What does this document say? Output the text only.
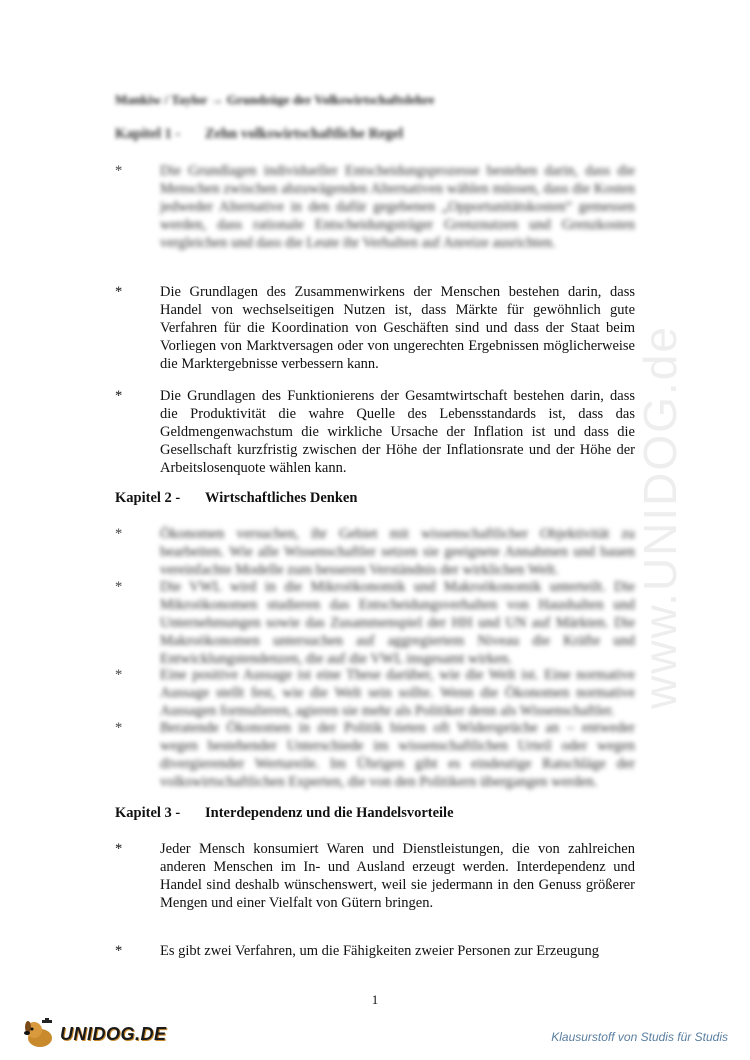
www.UNIDOG.de
Mankiw / Taylor → Grundzüge der Volkswirtschaftslehre
Kapitel 1 - Zehn volkswirtschaftliche Regel
*	Die Grundlagen individueller Entscheidungsprozesse bestehen darin, dass die Menschen zwischen abzuwägenden Alternativen wählen müssen, dass die Kosten jedweder Alternative in den dafür gegebenen „Opportunitätskosten“ gemessen werden, dass rationale Entscheidungsträger Grenznutzen und Grenzkosten vergleichen und dass die Leute ihr Verhalten auf Anreize ausrichten.
*	Die Grundlagen des Zusammenwirkens der Menschen bestehen darin, dass Handel von wechselseitigen Nutzen ist, dass Märkte für gewöhnlich gute Verfahren für die Koordination von Geschäften sind und dass der Staat beim Vorliegen von Marktversagen oder von ungerechten Ergebnissen möglicherweise die Marktergebnisse verbessern kann.
*	Die Grundlagen des Funktionierens der Gesamtwirtschaft bestehen darin, dass die Produktivität die wahre Quelle des Lebensstandards ist, dass das Geldmengenwachstum die wirkliche Ursache der Inflation ist und dass die Gesellschaft kurzfristig zwischen der Höhe der Inflationsrate und der Höhe der Arbeitslosenquote wählen kann.
Kapitel 2 - Wirtschaftliches Denken
*	Ökonomen versuchen, ihr Gebiet mit wissenschaftlicher Objektivität zu bearbeiten. Wie alle Wissenschaftler setzen sie geeignete Annahmen und bauen vereinfachte Modelle zum besseren Verständnis der wirklichen Welt.
*	Die VWL wird in die Mikroökonomik und Makroökonomik unterteilt. Die Mikroökonomen studieren das Entscheidungsverhalten von Haushalten und Unternehmungen sowie das Zusammenspiel der HH und UN auf Märkten. Die Makroökonomen untersuchen auf aggregiertem Niveau die Kräfte und Entwicklungstendenzen, die auf die VWL insgesamt wirken.
*	Eine positive Aussage ist eine These darüber, wie die Welt ist. Eine normative Aussage stellt fest, wie die Welt sein sollte. Wenn die Ökonomen normative Aussagen formulieren, agieren sie mehr als Politiker denn als Wissenschaftler.
*	Beratende Ökonomen in der Politik bieten oft Widersprüche an – entweder wegen bestehender Unterschiede im wissenschaftlichen Urteil oder wegen divergierender Wertureile. Im Übrigen gibt es eindeutige Ratschläge der volkswirtschaftlichen Experten, die von den Politikern übergangen werden.
Kapitel 3 - Interdependenz und die Handelsvorteile
*	Jeder Mensch konsumiert Waren und Dienstleistungen, die von zahlreichen anderen Menschen im In- und Ausland erzeugt werden. Interdependenz und Handel sind deshalb wünschenswert, weil sie jedermann in den Genuss größerer Mengen und einer Vielfalt von Gütern bringen.
*	Es gibt zwei Verfahren, um die Fähigkeiten zweier Personen zur Erzeugung
1
UNIDOG.DE	Klausurstoff von Studis für Studis
